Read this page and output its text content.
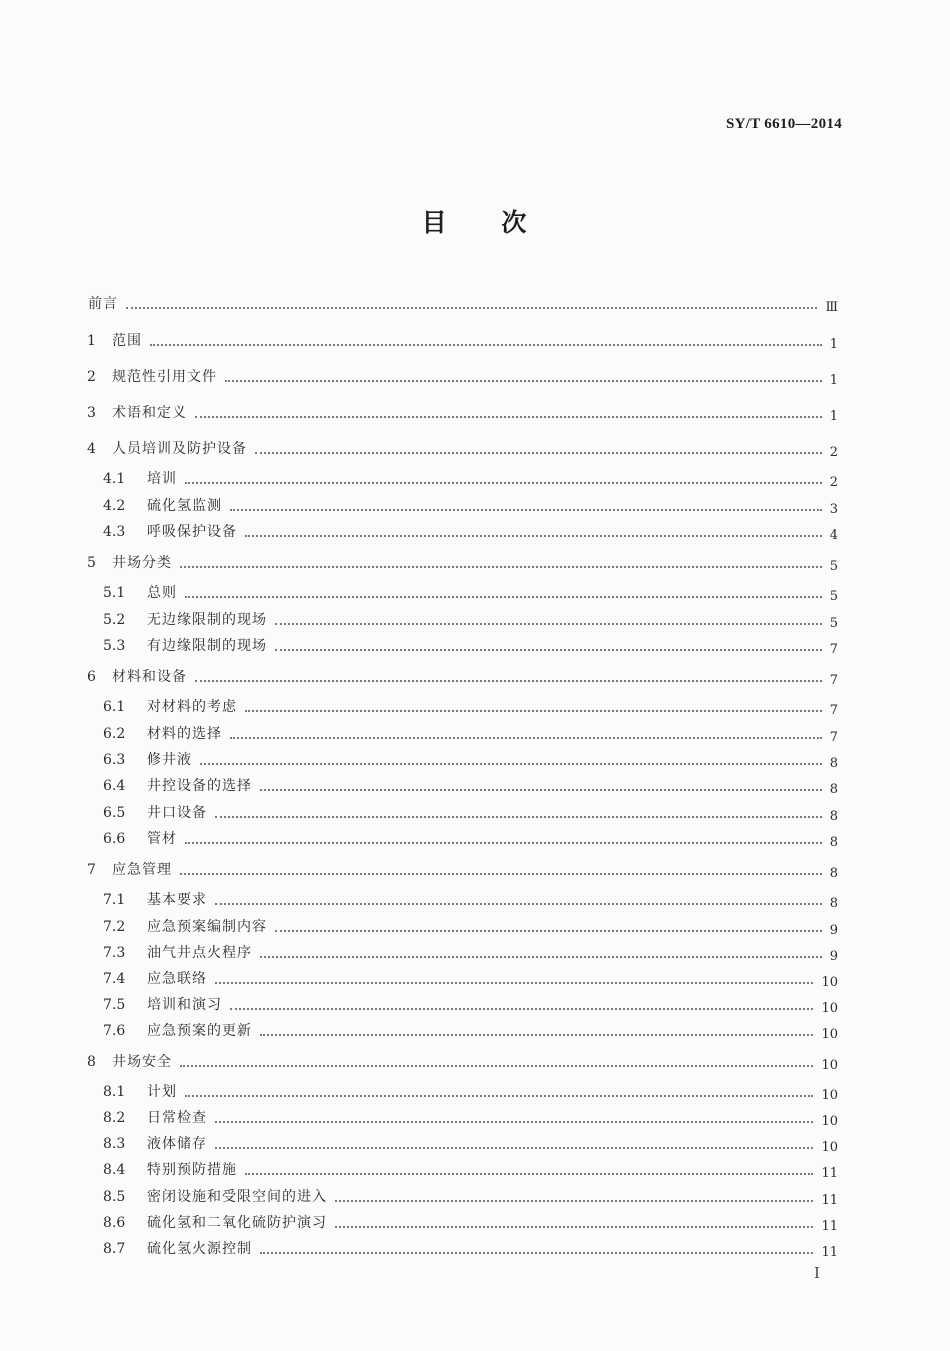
SY/T 6610—2014
目 次
前言	Ⅲ
1 范围	1
2 规范性引用文件	1
3 术语和定义	1
4 人员培训及防护设备	2
4.1 培训	2
4.2 硫化氢监测	3
4.3 呼吸保护设备	4
5 井场分类	5
5.1 总则	5
5.2 无边缘限制的现场	5
5.3 有边缘限制的现场	7
6 材料和设备	7
6.1 对材料的考虑	7
6.2 材料的选择	7
6.3 修井液	8
6.4 井控设备的选择	8
6.5 井口设备	8
6.6 管材	8
7 应急管理	8
7.1 基本要求	8
7.2 应急预案编制内容	9
7.3 油气井点火程序	9
7.4 应急联络	10
7.5 培训和演习	10
7.6 应急预案的更新	10
8 井场安全	10
8.1 计划	10
8.2 日常检查	10
8.3 液体储存	10
8.4 特别预防措施	11
8.5 密闭设施和受限空间的进入	11
8.6 硫化氢和二氧化硫防护演习	11
8.7 硫化氢火源控制	11
I
